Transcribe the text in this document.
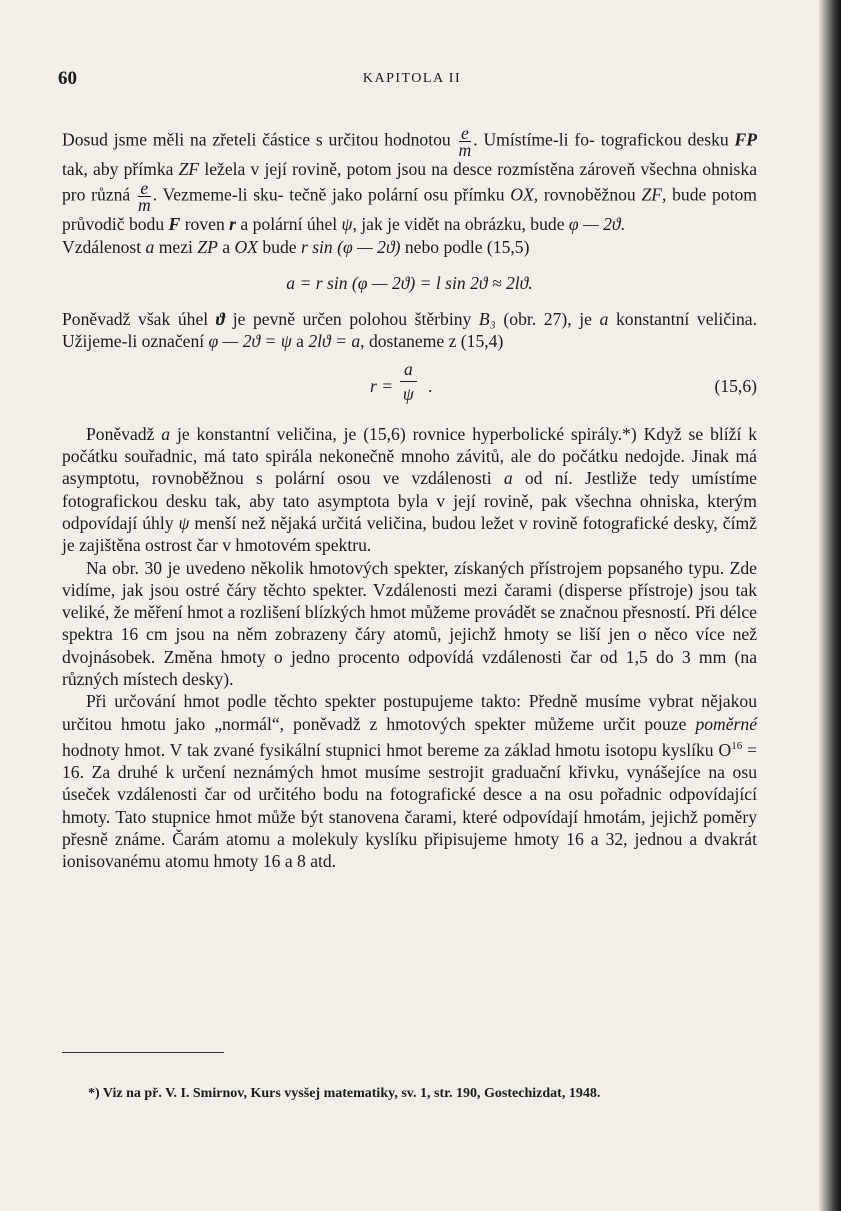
60	KAPITOLA II

Dosud jsme měli na zřeteli částice s určitou hodnotou $\frac{e}{m}$ . Umístíme-li fo- tografickou desku FP tak, aby přímka ZF ležela v její rovině, potom jsou na desce rozmístěna zároveň všechna ohniska pro různá $\frac{e}{m}$ . Vezmeme-li sku- tečně jako polární osu přímku OX, rovnoběžnou ZF, bude potom průvodič bodu F roven r a polární úhel ψ, jak je vidět na obrázku, bude φ — 2ϑ.

Vzdálenost a mezi ZP a OX bude r sin (φ — 2ϑ) nebo podle (15,5)

a = r sin (φ — 2ϑ) = l sin 2ϑ ≈ 2lϑ.

Poněvadž však úhel ϑ je pevně určen polohou štěrbiny B₃ (obr. 27), je a konstantní veličina. Užijeme-li označení φ — 2ϑ = ψ a 2lϑ = a, dostaneme z (15,4)

$r = \frac{a}{\psi}$ .	(15,6)

Poněvadž a je konstantní veličina, je (15,6) rovnice hyperbolické spirály.*) Když se blíží k počátku souřadnic, má tato spirála nekonečně mnoho závitů, ale do počátku nedojde. Jinak má asymptotu, rovnoběžnou s polární osou ve vzdálenosti a od ní. Jestliže tedy umístíme fotografickou desku tak, aby tato asymptota byla v její rovině, pak všechna ohniska, kterým odpovídají úhly ψ menší než nějaká určitá veličina, budou ležet v rovině fotografické desky, čímž je zajištěna ostrost čar v hmotovém spektru.

Na obr. 30 je uvedeno několik hmotových spekter, získaných přístrojem popsaného typu. Zde vidíme, jak jsou ostré čáry těchto spekter. Vzdálenosti mezi čarami (disperse přístroje) jsou tak veliké, že měření hmot a rozlišení blízkých hmot můžeme provádět se značnou přesností. Při délce spektra 16 cm jsou na něm zobrazeny čáry atomů, jejichž hmoty se liší jen o něco více než dvojnásobek. Změna hmoty o jedno procento odpovídá vzdálenosti čar od 1,5 do 3 mm (na různých místech desky).

Při určování hmot podle těchto spekter postupujeme takto: Předně musíme vybrat nějakou určitou hmotu jako „normál“, poněvadž z hmotových spekter můžeme určit pouze poměrné hodnoty hmot. V tak zvané fysikální stupnici hmot bereme za základ hmotu isotopu kyslíku $O^{16} = 16$. Za druhé k určení neznámých hmot musíme sestrojit graduační křivku, vynášejíce na osu úseček vzdálenosti čar od určitého bodu na fotografické desce a na osu pořadnic odpovídající hmoty. Tato stupnice hmot může být stanovena čarami, které odpovídají hmotám, jejichž poměry přesně známe. Čarám atomu a molekuly kyslíku připisujeme hmoty 16 a 32, jednou a dvakrát ionisovanému atomu hmoty 16 a 8 atd.

*) Viz na př. V. I. Smirnov, Kurs vysšej matematiky, sv. 1, str. 190, Gostechizdat, 1948.
